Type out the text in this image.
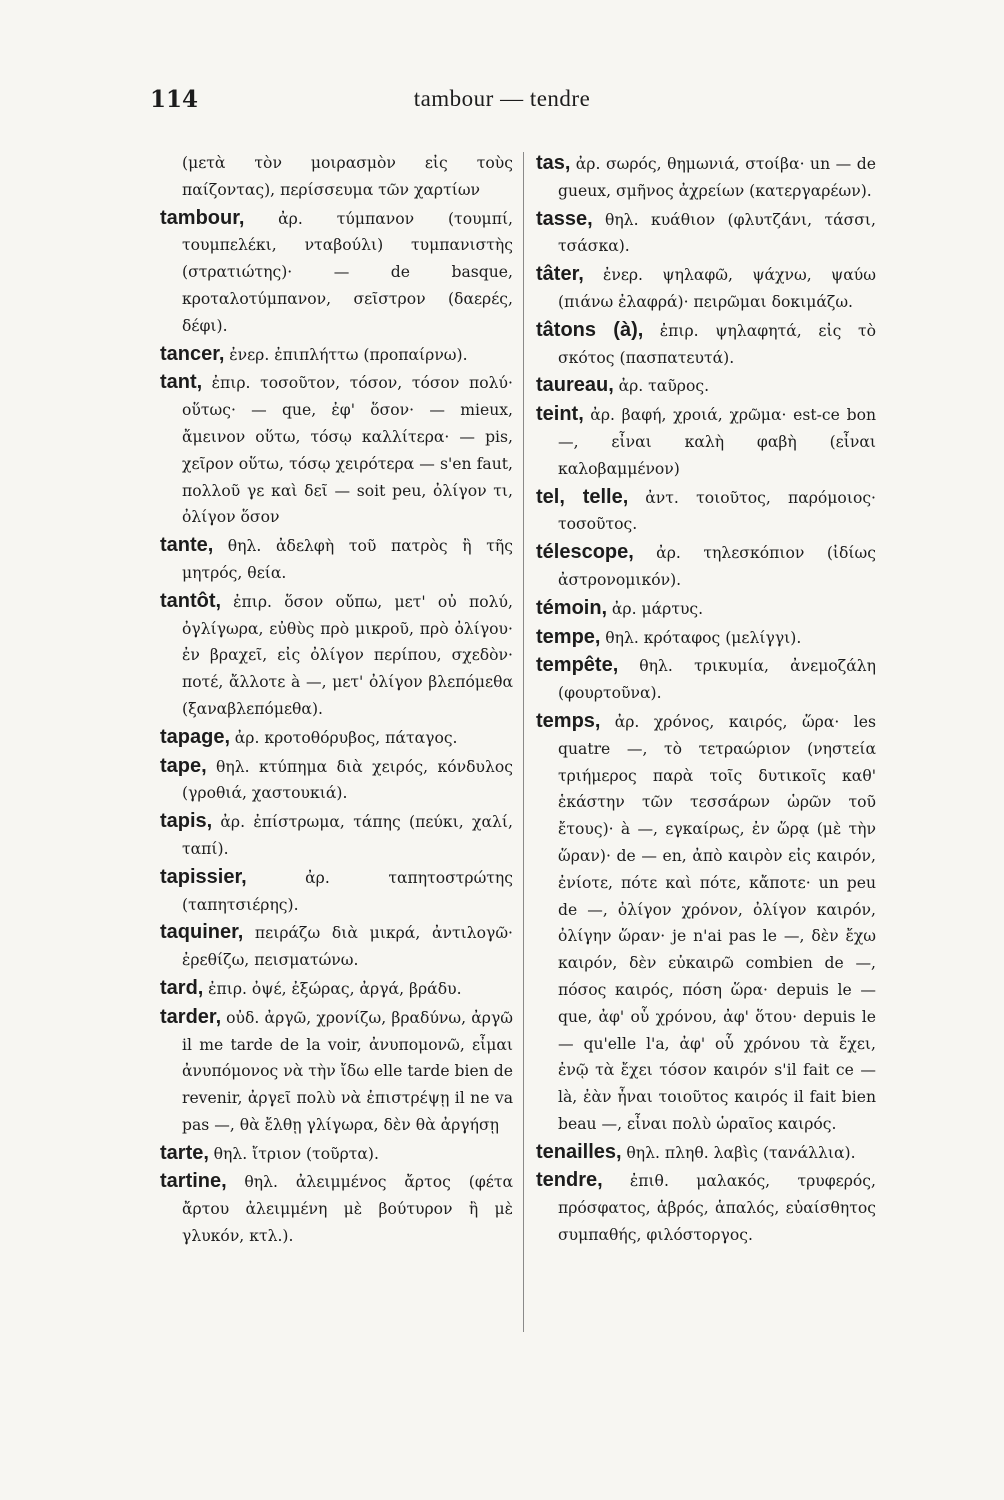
114	tambour — tendre

(μετὰ τὸν μοιρασμὸν εἰς τοὺς παίζοντας), περίσσευμα τῶν χαρτίων

tambour, ἀρ. τύμπανον (τουμπί, τουμπελέκι, νταβούλι) τυμπανιστὴς (στρατιώτης)· — de basque, κροταλοτύμπανον, σεῖστρον (δαερές, δέφι).

tancer, ἐνερ. ἐπιπλήττω (προπαίρνω).

tant, ἐπιρ. τοσοῦτον, τόσον, τόσον πολύ· οὕτως· — que, ἐφ' ὅσον· — mieux, ἄμεινον οὕτω, τόσῳ καλλίτερα· — pis, χεῖρον οὕτω, τόσῳ χειρότερα — s'en faut, πολλοῦ γε καὶ δεῖ — soit peu, ὀλίγον τι, ὀλίγον ὅσον

tante, θηλ. ἀδελφὴ τοῦ πατρὸς ἢ τῆς μητρός, θεία.

tantôt, ἐπιρ. ὅσον οὔπω, μετ' οὐ πολύ, ὀγλίγωρα, εὐθὺς πρὸ μικροῦ, πρὸ ὀλίγου· ἐν βραχεῖ, εἰς ὀλίγον περίπου, σχεδὸν· ποτέ, ἄλλοτε à —, μετ' ὀλίγον βλεπόμεθα (ξαναβλεπόμεθα).

tapage, ἀρ. κροτοθόρυβος, πάταγος.

tape, θηλ. κτύπημα διὰ χειρός, κόνδυλος (γροθιά, χαστουκιά).

tapis, ἀρ. ἐπίστρωμα, τάπης (πεύκι, χαλί, ταπί).

tapissier,	ἀρ. ταπητοστρώτης (ταπητσιέρης).

taquiner, πειράζω διὰ μικρά, ἀντιλογῶ· ἐρεθίζω, πεισματώνω.

tard, ἐπιρ. ὀψέ, ἐξώρας, ἀργά, βράδυ.

tarder, οὐδ. ἀργῶ, χρονίζω, βραδύνω, ἀργῶ il me tarde de la voir, ἀνυπομονῶ, εἶμαι ἀνυπόμονος νὰ τὴν ἴδω elle tarde bien de revenir, ἀργεῖ πολὺ νὰ ἐπιστρέψῃ il ne va pas —, θὰ ἔλθῃ γλίγωρα, δὲν θὰ ἀργήσῃ

tarte, θηλ. ἴτριον (τοῦρτα).

tartine, θηλ. ἀλειμμένος ἄρτος (φέτα ἄρτου ἀλειμμένη μὲ βούτυρον ἢ μὲ γλυκόν, κτλ.).

tas, ἀρ. σωρός, θημωνιά, στοίβα· un — de gueux, σμῆνος ἀχρείων (κατεργαρέων).

tasse, θηλ. κυάθιον (φλυτζάνι, τάσσι, τσάσκα).

tâter, ἐνερ. ψηλαφῶ, ψάχνω, ψαύω (πιάνω ἐλαφρά)· πειρῶμαι δοκιμάζω.

tâtons (à), ἐπιρ. ψηλαφητά, εἰς τὸ σκότος (πασπατευτά).

taureau, ἀρ. ταῦρος.

teint, ἀρ. βαφή, χροιά, χρῶμα· est-ce bon —, εἶναι καλὴ φαβὴ (εἶναι καλοβαμμένον)

tel, telle, ἀντ. τοιοῦτος, παρόμοιος· τοσοῦτος.

télescope, ἀρ. τηλεσκόπιον (ἰδίως ἀστρονομικόν).

témoin, ἀρ. μάρτυς.

tempe, θηλ. κρόταφος (μελίγγι).

tempête, θηλ. τρικυμία, ἀνεμοζάλη (φουρτοῦνα).

temps, ἀρ. χρόνος, καιρός, ὥρα· les quatre —, τὸ τετραώριον (νηστεία τριήμερος παρὰ τοῖς δυτικοῖς καθ' ἑκάστην τῶν τεσσάρων ὡρῶν τοῦ ἔτους)· à —, εγκαίρως, ἐν ὥρᾳ (μὲ τὴν ὥραν)· de — en, ἀπὸ καιρὸν εἰς καιρόν, ἐνίοτε, πότε καὶ πότε, κἄποτε· un peu de —, ὀλίγον χρόνον, ὀλίγον καιρόν, ὀλίγην ὥραν· je n'ai pas le —, δὲν ἔχω καιρόν, δὲν εὐκαιρῶ combien de —, πόσος καιρός, πόση ὥρα· depuis le — que, ἀφ' οὗ χρόνου, ἀφ' ὅτου· depuis le — qu'elle l'a, ἀφ' οὗ χρόνου τὰ ἔχει, ἐνῷ τὰ ἔχει τόσον καιρόν s'il fait ce — là, ἐὰν ἦναι τοιοῦτος καιρός il fait bien beau —, εἶναι πολὺ ὡραῖος καιρός.

tenailles, θηλ. πληθ. λαβὶς (τανάλλια).

tendre, ἐπιθ. μαλακός, τρυφερός, πρόσφατος, ἁβρός, ἁπαλός, εὐαίσθητος συμπαθής, φιλόστοργος.
